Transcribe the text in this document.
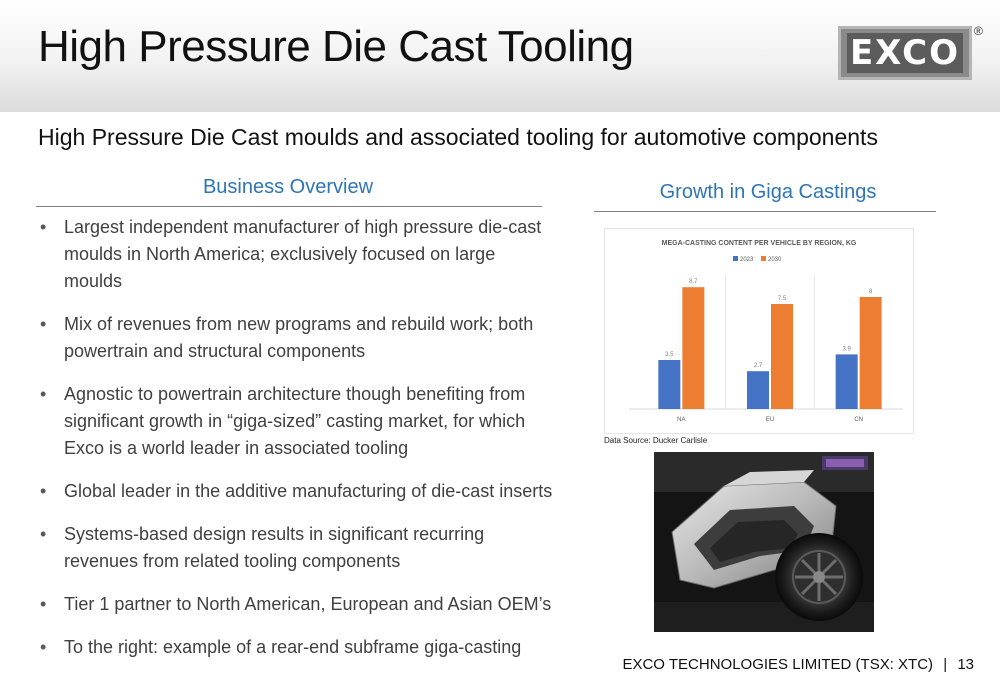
High Pressure Die Cast Tooling	EXCO
®
High Pressure Die Cast moulds and associated tooling for automotive components
Business Overview
• Largest independent manufacturer of high pressure die-cast moulds in North America; exclusively focused on large moulds
• Mix of revenues from new programs and rebuild work; both powertrain and structural components
• Agnostic to powertrain architecture though benefiting from significant growth in “giga-sized” casting market, for which Exco is a world leader in associated tooling
• Global leader in the additive manufacturing of die-cast inserts
• Systems-based design results in significant recurring revenues from related tooling components
• Tier 1 partner to North American, European and Asian OEM’s
• To the right: example of a rear-end subframe giga-casting
Growth in Giga Castings
MEGA-CASTING CONTENT PER VEHICLE BY REGION, KG
2023 2030
3.5
8.7
NA
2.7
7.5
EU
3.9
8
CN
Data Source: Ducker Carlisle
EXCO TECHNOLOGIES LIMITED (TSX: XTC) | 13
